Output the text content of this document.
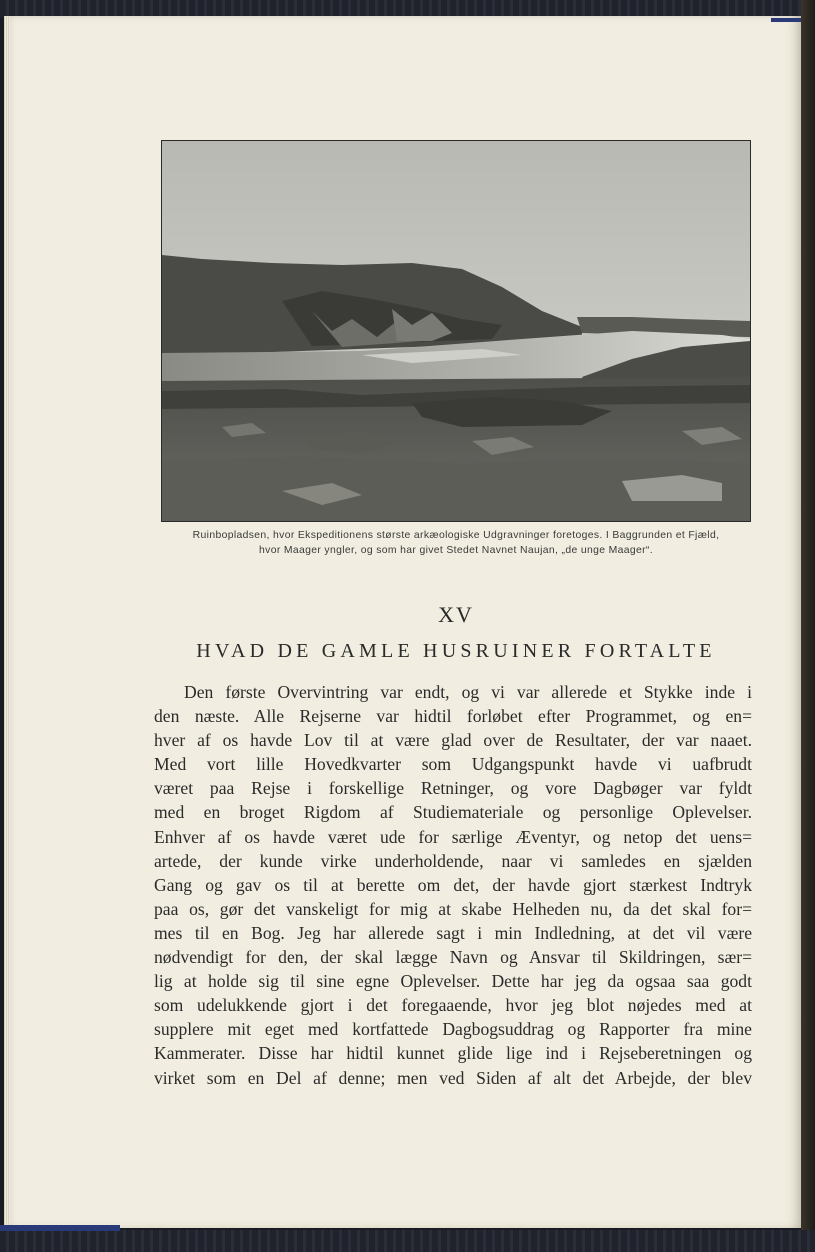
Ruinbopladsen, hvor Ekspeditionens største arkæologiske Udgravninger foretoges. I Baggrunden et Fjæld,
hvor Maager yngler, og som har givet Stedet Navnet Naujan, „de unge Maager“.
XV
HVAD DE GAMLE HUSRUINER FORTALTE
Den første Overvintring var endt, og vi var allerede et Stykke inde i
den næste. Alle Rejserne var hidtil forløbet efter Programmet, og en=
hver af os havde Lov til at være glad over de Resultater, der var naaet.
Med vort lille Hovedkvarter som Udgangspunkt havde vi uafbrudt
været paa Rejse i forskellige Retninger, og vore Dagbøger var fyldt
med en broget Rigdom af Studiemateriale og personlige Oplevelser.
Enhver af os havde været ude for særlige Æventyr, og netop det uens=
artede, der kunde virke underholdende, naar vi samledes en sjælden
Gang og gav os til at berette om det, der havde gjort stærkest Indtryk
paa os, gør det vanskeligt for mig at skabe Helheden nu, da det skal for=
mes til en Bog. Jeg har allerede sagt i min Indledning, at det vil være
nødvendigt for den, der skal lægge Navn og Ansvar til Skildringen, sær=
lig at holde sig til sine egne Oplevelser. Dette har jeg da ogsaa saa godt
som udelukkende gjort i det foregaaende, hvor jeg blot nøjedes med at
supplere mit eget med kortfattede Dagbogsuddrag og Rapporter fra mine
Kammerater. Disse har hidtil kunnet glide lige ind i Rejseberetningen og
virket som en Del af denne; men ved Siden af alt det Arbejde, der blev
